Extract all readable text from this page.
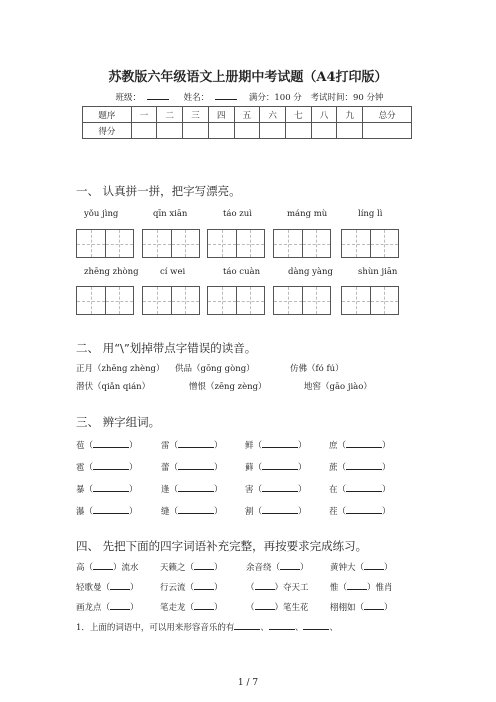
苏教版六年级语文上册期中考试题（A4打印版）
班级：	姓名：	满分：100 分 考试时间：90 分钟
题序	一	二	三	四	五	六	七	八	九	总分
得分										
一、 认真拼一拼，把字写漂亮。
yǒu jìng	qīn xiān	táo zuì	máng mù	líng lì
zhēng zhòng	cí wei	táo cuàn	dàng yàng	shùn jiān
二、 用“\”划掉带点字错误的读音。
正月（zhēng zhèng） 供品（gōng gòng）	仿佛（fó fú）
潜伏（qiǎn qián）	憎恨（zēng zèng）	地窖（gāo jiào）
三、 辨字组词。
苞（	）	雷（	）	鲜（	）	庶（	）
雹（	）	蕾（	）	藓（	）	蔗（	）
暴（	）	逢（	）	害（	）	在（	）
瀑（	）	缝（	）	割（	）	茬（	）
四、 先把下面的四字词语补充完整，再按要求完成练习。
高（ ）流水	天籁之（ ）	余音绕（ ）	黄钟大（ ）
轻歌曼（ ）	行云流（ ）	（ ）夺天工	惟（ ）惟肖
画龙点（ ）	笔走龙（ ）	（ ）笔生花	栩栩如（ ）
1．上面的词语中，可以用来形容音乐的有	、	、	、
1 / 7
